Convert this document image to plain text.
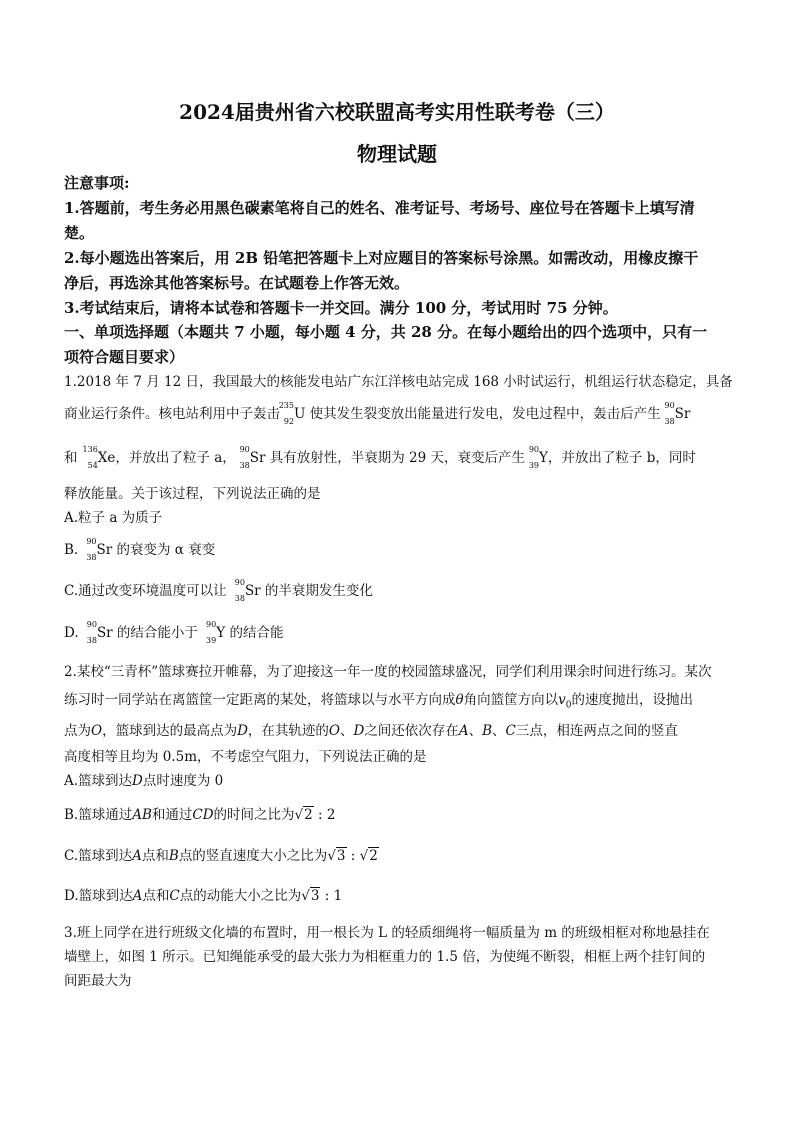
2024届贵州省六校联盟高考实用性联考卷（三）
物理试题
注意事项:
1.答题前，考生务必用黑色碳素笔将自己的姓名、准考证号、考场号、座位号在答题卡上填写清
楚。
2.每小题选出答案后，用 2B 铅笔把答题卡上对应题目的答案标号涂黑。如需改动，用橡皮擦干
净后，再选涂其他答案标号。在试题卷上作答无效。
3.考试结束后，请将本试卷和答题卡一并交回。满分 100 分，考试用时 75 分钟。
一、单项选择题（本题共 7 小题，每小题 4 分，共 28 分。在每小题给出的四个选项中，只有一
项符合题目要求）
1.2018 年 7 月 12 日，我国最大的核能发电站广东江洋核电站完成 168 小时试运行，机组运行状态稳定，具备
商业运行条件。核电站利用中子轰击
235
92 U 使其发生裂变放出能量进行发电，发电过程中，轰击后产生
90
38 Sr
和
136
54 Xe，并放出了粒子 a，
90
38 Sr 具有放射性，半衰期为 29 天，衰变后产生
90
39 Y，并放出了粒子 b，同时
释放能量。关于该过程，下列说法正确的是
A.粒子 a 为质子
B.
90
38 Sr 的衰变为 α 衰变
C.通过改变环境温度可以让
90
38 Sr 的半衰期发生变化
D.
90
38 Sr 的结合能小于
90
39 Y 的结合能
2.某校“三青杯”篮球赛拉开帷幕，为了迎接这一年一度的校园篮球盛况，同学们利用课余时间进行练习。某次
练习时一同学站在离篮筐一定距离的某处，将篮球以与水平方向成θ角向篮筐方向以$v_0$的速度抛出，设抛出
点为O，篮球到达的最高点为D，在其轨迹的O、D之间还依次存在A、B、C三点，相连两点之间的竖直
高度相等且均为 0.5m，不考虑空气阻力，下列说法正确的是
A.篮球到达D点时速度为 0
B.篮球通过AB和通过CD的时间之比为√2 : 2
C.篮球到达A点和B点的竖直速度大小之比为√3 : √2
D.篮球到达A点和C点的动能大小之比为√3 : 1
3.班上同学在进行班级文化墙的布置时，用一根长为 L 的轻质细绳将一幅质量为 m 的班级相框对称地悬挂在
墙壁上，如图 1 所示。已知绳能承受的最大张力为相框重力的 1.5 倍，为使绳不断裂，相框上两个挂钉间的
间距最大为
